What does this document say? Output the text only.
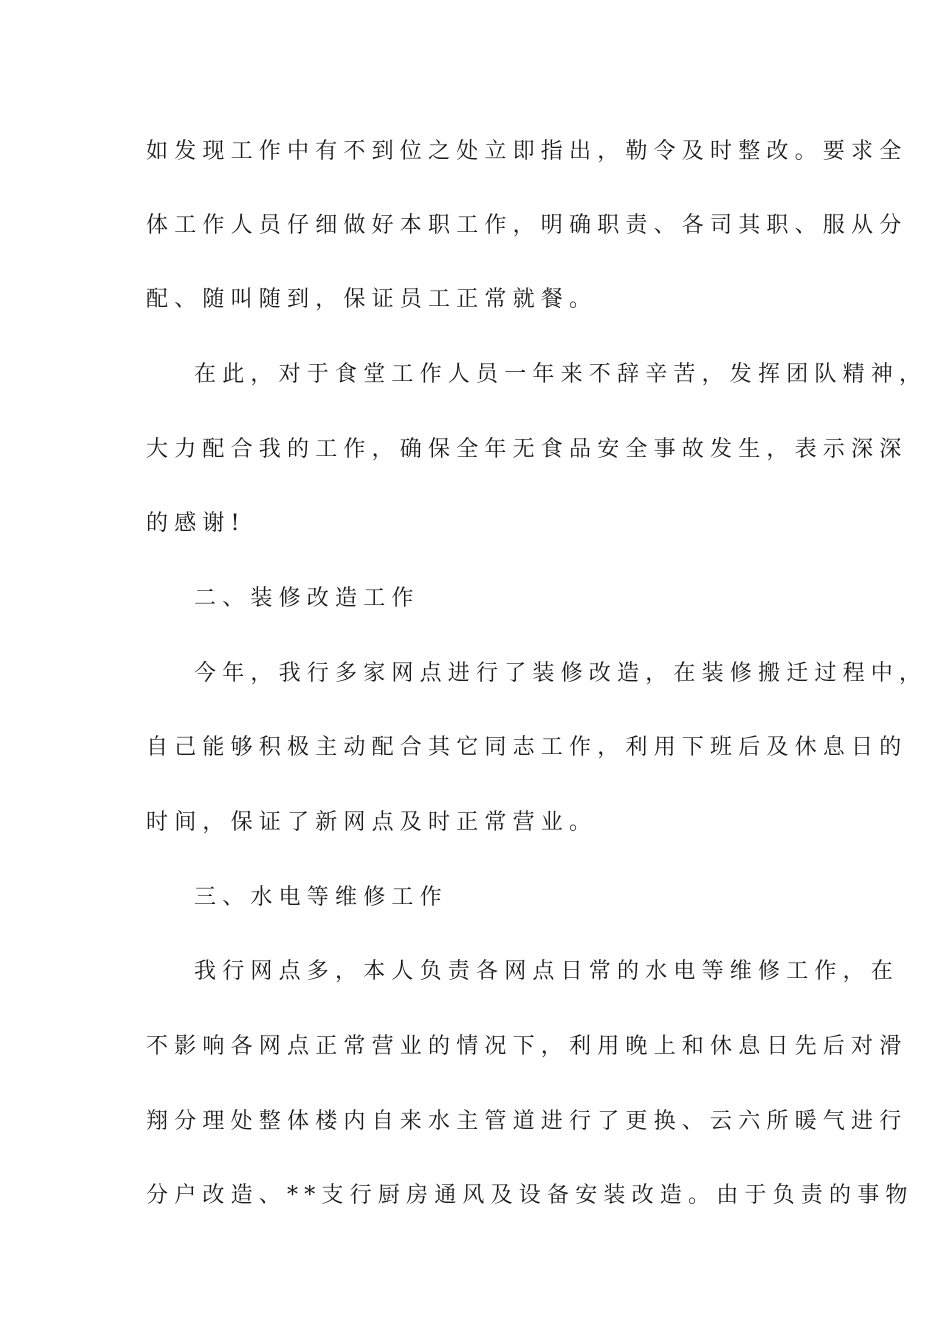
如发现工作中有不到位之处立即指出，勒令及时整改。要求全
体工作人员仔细做好本职工作，明确职责、各司其职、服从分
配、随叫随到，保证员工正常就餐。
在此，对于食堂工作人员一年来不辞辛苦，发挥团队精神，
大力配合我的工作，确保全年无食品安全事故发生，表示深深
的感谢!
二、装修改造工作
今年，我行多家网点进行了装修改造，在装修搬迁过程中，
自己能够积极主动配合其它同志工作，利用下班后及休息日的
时间，保证了新网点及时正常营业。
三、水电等维修工作
我行网点多，本人负责各网点日常的水电等维修工作，在
不影响各网点正常营业的情况下，利用晚上和休息日先后对滑
翔分理处整体楼内自来水主管道进行了更换、云六所暖气进行
分户改造、**支行厨房通风及设备安装改造。由于负责的事物
